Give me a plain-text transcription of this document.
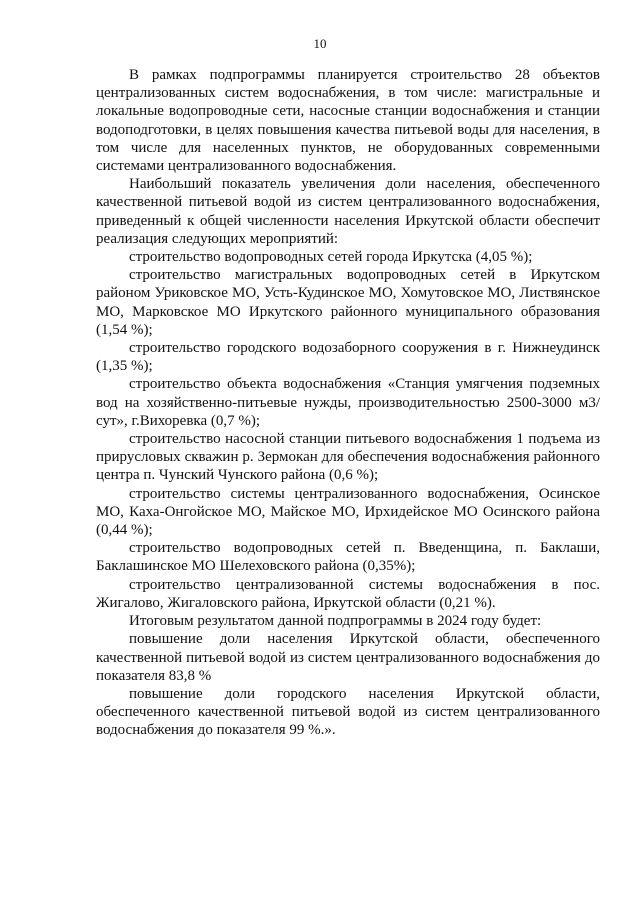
10

В рамках подпрограммы планируется строительство 28 объектов централизованных систем водоснабжения, в том числе: магистральные и локальные водопроводные сети, насосные станции водоснабжения и станции водоподготовки, в целях повышения качества питьевой воды для населения, в том числе для населенных пунктов, не оборудованных современными системами централизованного водоснабжения.

Наибольший показатель увеличения доли населения, обеспеченного качественной питьевой водой из систем централизованного водоснабжения, приведенный к общей численности населения Иркутской области обеспечит реализация следующих мероприятий:

строительство водопроводных сетей города Иркутска (4,05 %);

строительство магистральных водопроводных сетей в Иркутском районом Уриковское МО, Усть-Кудинское МО, Хомутовское МО, Листвянское МО, Марковское МО Иркутского районного муниципального образования (1,54 %);

строительство городского водозаборного сооружения в г. Нижнеудинск (1,35 %);

строительство объекта водоснабжения «Станция умягчения подземных вод на хозяйственно-питьевые нужды, производительностью 2500-3000 м3/сут», г.Вихоревка (0,7 %);

строительство насосной станции питьевого водоснабжения 1 подъема из прирусловых скважин р. Зермокан для обеспечения водоснабжения районного центра п. Чунский Чунского района (0,6 %);

строительство системы централизованного водоснабжения, Осинское МО, Каха-Онгойское МО, Майское МО, Ирхидейское МО Осинского района (0,44 %);

строительство водопроводных сетей п. Введенщина, п. Баклаши, Баклашинское МО Шелеховского района (0,35%);

строительство централизованной системы водоснабжения в пос. Жигалово, Жигаловского района, Иркутской области (0,21 %).

Итоговым результатом данной подпрограммы в 2024 году будет:

повышение доли населения Иркутской области, обеспеченного качественной питьевой водой из систем централизованного водоснабжения до показателя 83,8 %

повышение доли городского населения Иркутской области, обеспеченного качественной питьевой водой из систем централизованного водоснабжения до показателя 99 %.».
